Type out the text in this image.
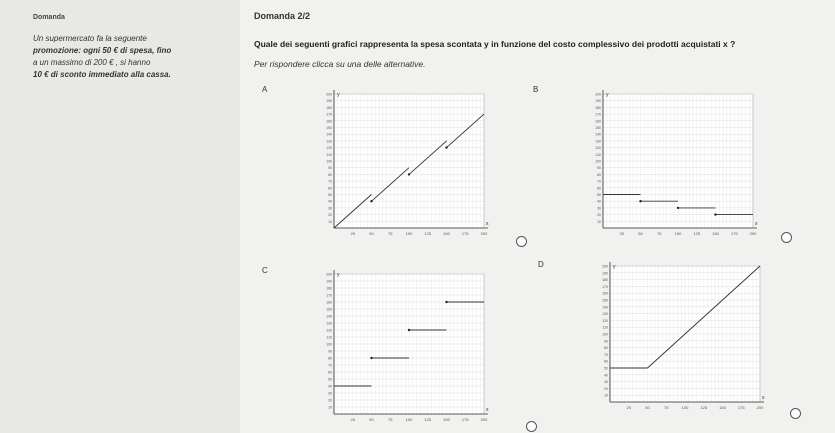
Domanda
Un supermercato fa la seguente
promozione: ogni 50 € di spesa, fino
a un massimo di 200 € , si hanno
10 € di sconto immediato alla cassa.
Domanda 2/2
Quale dei seguenti grafici rappresenta la spesa scontata y in funzione del costo complessivo dei prodotti acquistati x ?
Per rispondere clicca su una delle alternative.
A
10
20
30
40
50
60
70
80
90
100
110
120
130
140
150
160
170
180
190
200
25	50	75	100	125	150	175	200
y
x
B
10
20
30
40
50
60
70
80
90
100
110
120
130
140
150
160
170
180
190
200
25	50	75	100	125	150	175	200
y
x
C
10
20
30
40
50
60
70
80
90
100
110
120
130
140
150
160
170
180
190
200
25	50	75	100	125	150	175	200
y
x
D
10
20
30
40
50
60
70
80
90
100
110
120
130
140
150
160
170
180
190
200
25	50	75	100	125	150	175	200
y
x
